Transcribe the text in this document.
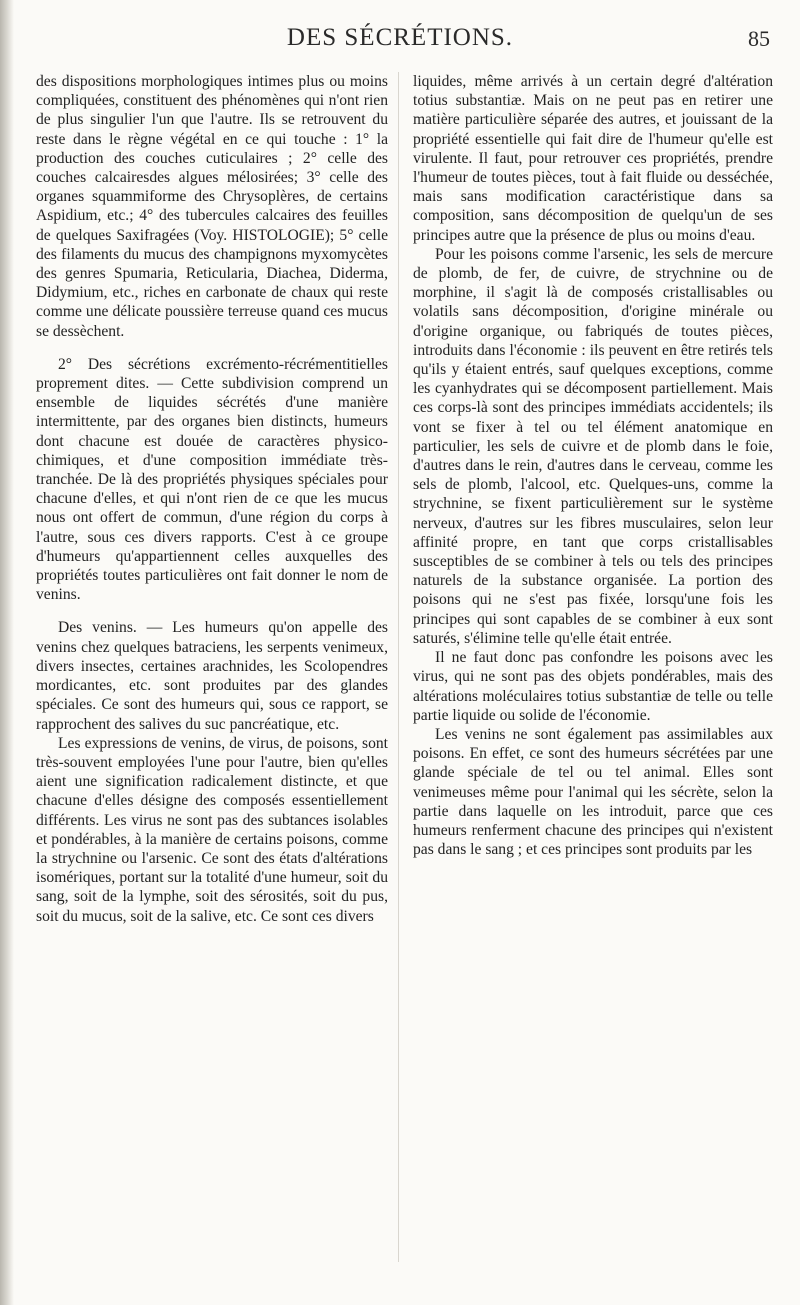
DES SÉCRÉTIONS.	85

des dispositions morphologiques intimes plus ou moins compliquées, constituent des phénomènes qui n'ont rien de plus singulier l'un que l'autre. Ils se retrouvent du reste dans le règne végétal en ce qui touche : 1° la production des couches cuticulaires ; 2° celle des couches calcairesdes algues mélosirées; 3° celle des organes squammiforme des Chrysoplères, de certains Aspidium, etc.; 4° des tubercules calcaires des feuilles de quelques Saxifragées (Voy. HISTOLOGIE); 5° celle des filaments du mucus des champignons myxomycètes des genres Spumaria, Reticularia, Diachea, Diderma, Didymium, etc., riches en carbonate de chaux qui reste comme une délicate poussière terreuse quand ces mucus se dessèchent.

2° Des sécrétions excrémento-récrémentitielles proprement dites. — Cette subdivision comprend un ensemble de liquides sécrétés d'une manière intermittente, par des organes bien distincts, humeurs dont chacune est douée de caractères physico-chimiques, et d'une composition immédiate très-tranchée. De là des propriétés physiques spéciales pour chacune d'elles, et qui n'ont rien de ce que les mucus nous ont offert de commun, d'une région du corps à l'autre, sous ces divers rapports. C'est à ce groupe d'humeurs qu'appartiennent celles auxquelles des propriétés toutes particulières ont fait donner le nom de venins.

Des venins. — Les humeurs qu'on appelle des venins chez quelques batraciens, les serpents venimeux, divers insectes, certaines arachnides, les Scolopendres mordicantes, etc. sont produites par des glandes spéciales. Ce sont des humeurs qui, sous ce rapport, se rapprochent des salives du suc pancréatique, etc.

Les expressions de venins, de virus, de poisons, sont très-souvent employées l'une pour l'autre, bien qu'elles aient une signification radicalement distincte, et que chacune d'elles désigne des composés essentiellement différents. Les virus ne sont pas des subtances isolables et pondérables, à la manière de certains poisons, comme la strychnine ou l'arsenic. Ce sont des états d'altérations isomériques, portant sur la totalité d'une humeur, soit du sang, soit de la lymphe, soit des sérosités, soit du pus, soit du mucus, soit de la salive, etc. Ce sont ces divers

liquides, même arrivés à un certain degré d'altération totius substantiæ. Mais on ne peut pas en retirer une matière particulière séparée des autres, et jouissant de la propriété essentielle qui fait dire de l'humeur qu'elle est virulente. Il faut, pour retrouver ces propriétés, prendre l'humeur de toutes pièces, tout à fait fluide ou desséchée, mais sans modification caractéristique dans sa composition, sans décomposition de quelqu'un de ses principes autre que la présence de plus ou moins d'eau.

Pour les poisons comme l'arsenic, les sels de mercure de plomb, de fer, de cuivre, de strychnine ou de morphine, il s'agit là de composés cristallisables ou volatils sans décomposition, d'origine minérale ou d'origine organique, ou fabriqués de toutes pièces, introduits dans l'économie : ils peuvent en être retirés tels qu'ils y étaient entrés, sauf quelques exceptions, comme les cyanhydrates qui se décomposent partiellement. Mais ces corps-là sont des principes immédiats accidentels; ils vont se fixer à tel ou tel élément anatomique en particulier, les sels de cuivre et de plomb dans le foie, d'autres dans le rein, d'autres dans le cerveau, comme les sels de plomb, l'alcool, etc. Quelques-uns, comme la strychnine, se fixent particulièrement sur le système nerveux, d'autres sur les fibres musculaires, selon leur affinité propre, en tant que corps cristallisables susceptibles de se combiner à tels ou tels des principes naturels de la substance organisée. La portion des poisons qui ne s'est pas fixée, lorsqu'une fois les principes qui sont capables de se combiner à eux sont saturés, s'élimine telle qu'elle était entrée.

Il ne faut donc pas confondre les poisons avec les virus, qui ne sont pas des objets pondérables, mais des altérations moléculaires totius substantiæ de telle ou telle partie liquide ou solide de l'économie.

Les venins ne sont également pas assimilables aux poisons. En effet, ce sont des humeurs sécrétées par une glande spéciale de tel ou tel animal. Elles sont venimeuses même pour l'animal qui les sécrète, selon la partie dans laquelle on les introduit, parce que ces humeurs renferment chacune des principes qui n'existent pas dans le sang ; et ces principes sont produits par les
